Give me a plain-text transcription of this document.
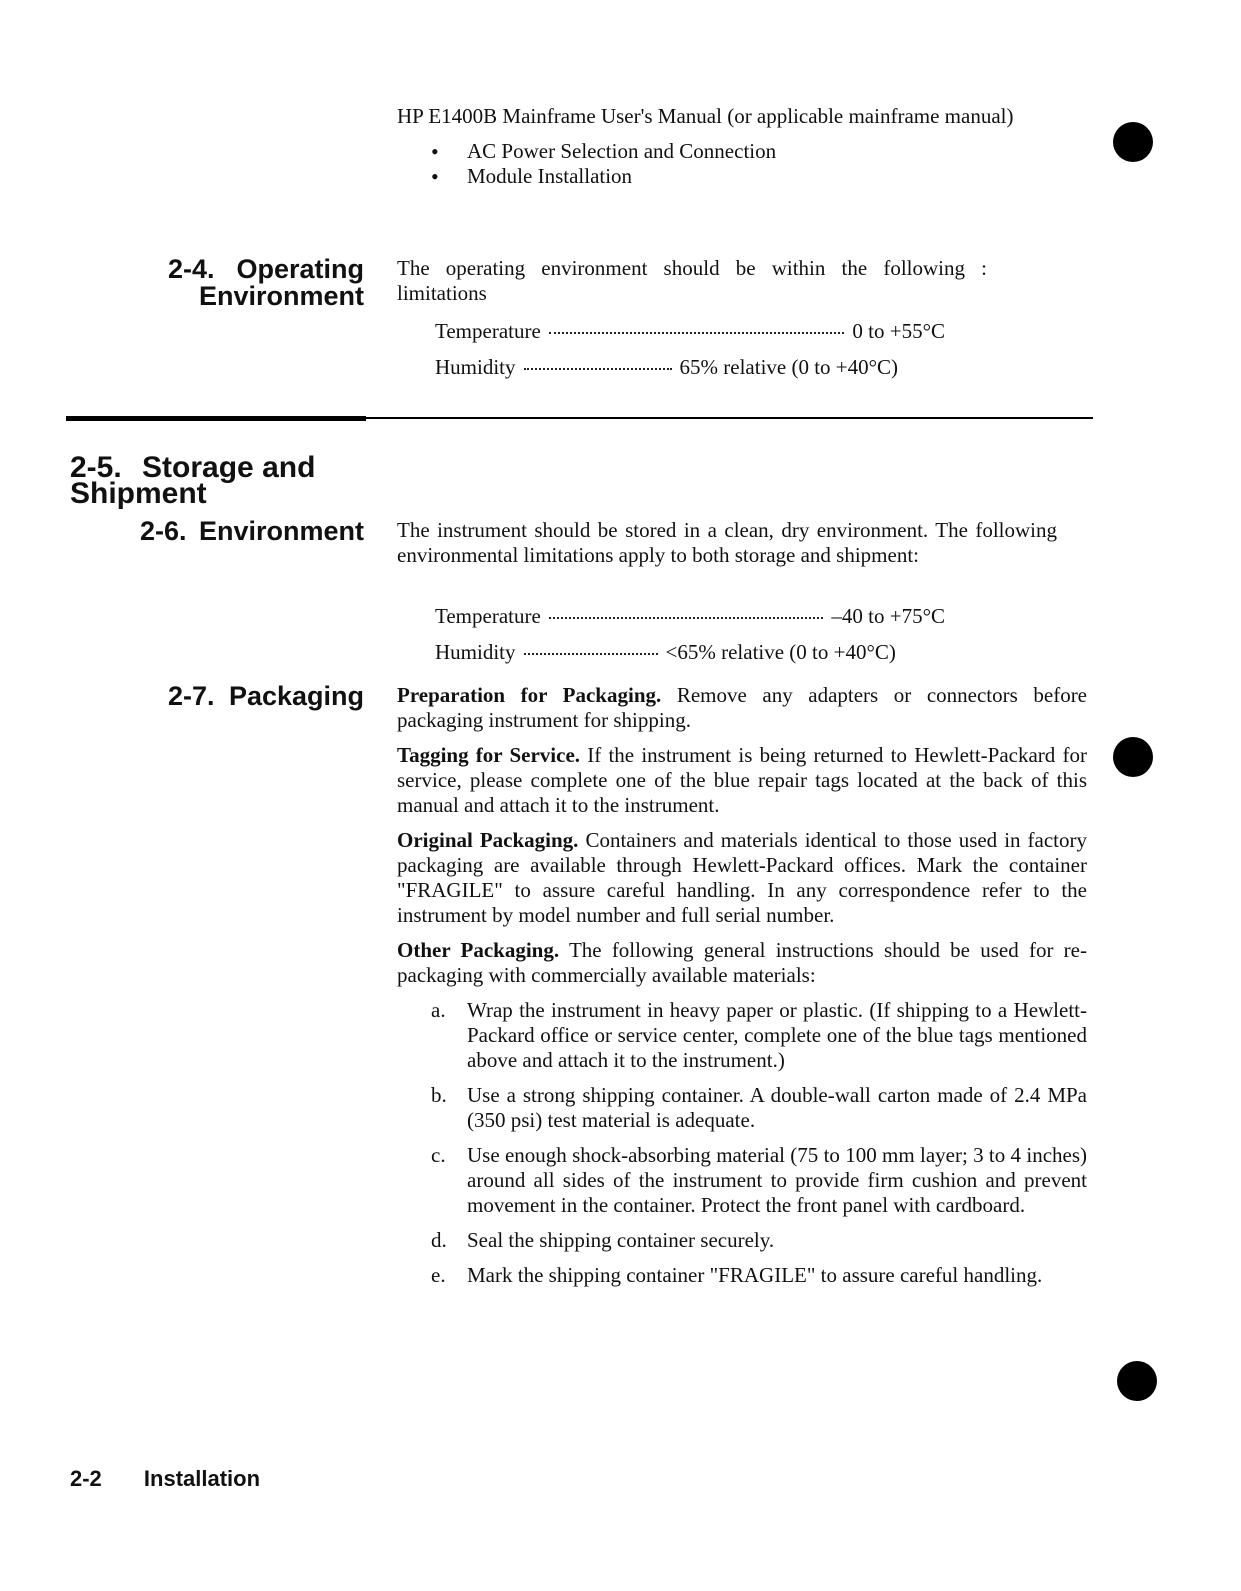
HP E1400B Mainframe User's Manual (or applicable mainframe manual)
• AC Power Selection and Connection
• Module Installation
2-4. Operating
Environment
The operating environment should be within the following : limitations
Temperature	0 to +55°C
Humidity	65% relative (0 to +40°C)
2-5. Storage and
Shipment
2-6. Environment The instrument should be stored in a clean, dry environment. The following environmental limitations apply to both storage and shipment:
Temperature	–40 to +75°C
Humidity	<65% relative (0 to +40°C)
2-7. Packaging Preparation for Packaging. Remove any adapters or connectors before packaging instrument for shipping.

Tagging for Service. If the instrument is being returned to Hewlett-Packard for service, please complete one of the blue repair tags located at the back of this manual and attach it to the instrument.

Original Packaging. Containers and materials identical to those used in factory packaging are available through Hewlett-Packard offices. Mark the container "FRAGILE" to assure careful handling. In any correspondence refer to the instrument by model number and full serial number.

Other Packaging. The following general instructions should be used for re-packaging with commercially available materials:

a.	Wrap the instrument in heavy paper or plastic. (If shipping to a Hewlett-Packard office or service center, complete one of the blue tags mentioned above and attach it to the instrument.)
b. Use a strong shipping container. A double-wall carton made of 2.4 MPa (350 psi) test material is adequate.
c.	Use enough shock-absorbing material (75 to 100 mm layer; 3 to 4 inches) around all sides of the instrument to provide firm cushion and prevent movement in the container. Protect the front panel with cardboard.
d. Seal the shipping container securely.
e.	Mark the shipping container "FRAGILE" to assure careful handling.
2-2 Installation
